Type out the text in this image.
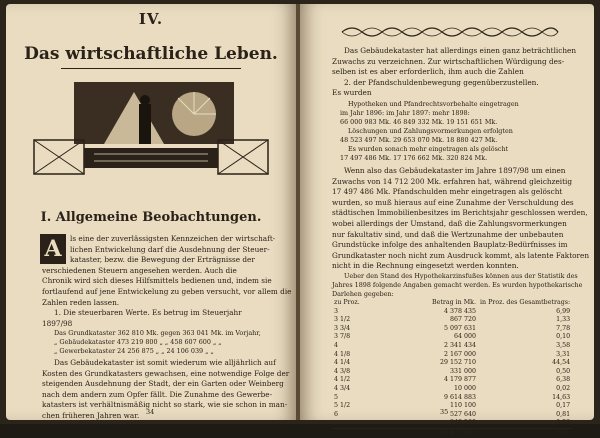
IV.
Das wirtschaftliche Leben.
I. Allgemeine Beobachtungen.
A	ls eine der zuverlässigsten Kennzeichen der wirtschaft-
lichen Entwickelung darf die Ausdehnung der Steuer-
kataster, bezw. die Bewegung der Erträgnisse der
verschiedenen Steuern angesehen werden. Auch die
Chronik wird sich dieses Hilfsmittels bedienen und, indem sie
fortlaufend auf jene Entwickelung zu geben versucht, vor allem die
Zahlen reden lassen.
1. Die steuerbaren Werte. Es betrug im Steuerjahr
1897/98
Das Grundkataster 362 810 Mk. gegen 363 041 Mk. im Vorjahr,
„ Gebäudekataster 473 219 800 „ „ 458 607 600 „ „
„ Gewerbekataster 24 256 875 „ „ 24 106 039 „ „
Das Gebäudekataster ist somit wiederum wie alljährlich auf
Kosten des Grundkatasters gewachsen, eine notwendige Folge der
steigenden Ausdehnung der Stadt, der ein Garten oder Weinberg
nach dem andern zum Opfer fällt. Die Zunahme des Gewerbe-
katasters ist verhältnismäßig nicht so stark, wie sie schon in man-
chen früheren Jahren war. 34
Das Gebäudekataster hat allerdings einen ganz beträchtlichen
Zuwachs zu verzeichnen. Zur wirtschaftlichen Würdigung des-
selben ist es aber erforderlich, ihm auch die Zahlen
2. der Pfandschuldenbewegung gegenüberzustellen.
Es wurden
Hypotheken und Pfandrechtsvorbehalte eingetragen
im Jahr 1896: im Jahr 1897: mehr 1898:
66 000 983 Mk. 46 849 332 Mk. 19 151 651 Mk.
Löschungen und Zahlungsvormerkungen erfolgten
48 523 497 Mk. 29 653 070 Mk. 18 880 427 Mk.
Es wurden sonach mehr eingetragen als gelöscht
17 497 486 Mk. 17 176 662 Mk. 320 824 Mk.
Wenn also das Gebäudekataster im Jahre 1897/98 um einen
Zuwachs von 14 712 200 Mk. erfahren hat, während gleichzeitig
17 497 486 Mk. Pfandschulden mehr eingetragen als gelöscht
wurden, so muß hieraus auf eine Zunahme der Verschuldung des
städtischen Immobilienbesitzes im Berichtsjahr geschlossen werden,
wobei allerdings der Umstand, daß die Zahlungsvormerkungen
nur fakultativ sind, und daß die Wertzunahme der unbebauten
Grundstücke infolge des anhaltenden Bauplatz-Bedürfnisses im
Grundkataster noch nicht zum Ausdruck kommt, als latente Faktoren
nicht in die Rechnung eingesetzt werden konnten.
Ueber den Stand des Hypothekarzinsfußes können aus der Statistik des
Jahres 1898 folgende Angaben gemacht werden. Es wurden hypothekarische
Darlehen gegeben:
zu Proz.	Betrag in Mk.	in Proz. des Gesamtbetrags:
3	4 378 435	6,99
3 1/2	867 720	1,33
3 3/4	5 097 631	7,78
3 7/8	64 000	0,10
4	2 341 434	3,58
4 1/8	2 167 000	3,31
4 1/4	29 152 710	44,54
4 3/8	331 000	0,50
4 1/2	4 179 877	6,38
4 3/4	10 000	0,02
5	9 614 883	14,63
5 1/2	110 100	0,17
6	527 640	0,81
	348 500	0,53
	65 437 483	100.
35
